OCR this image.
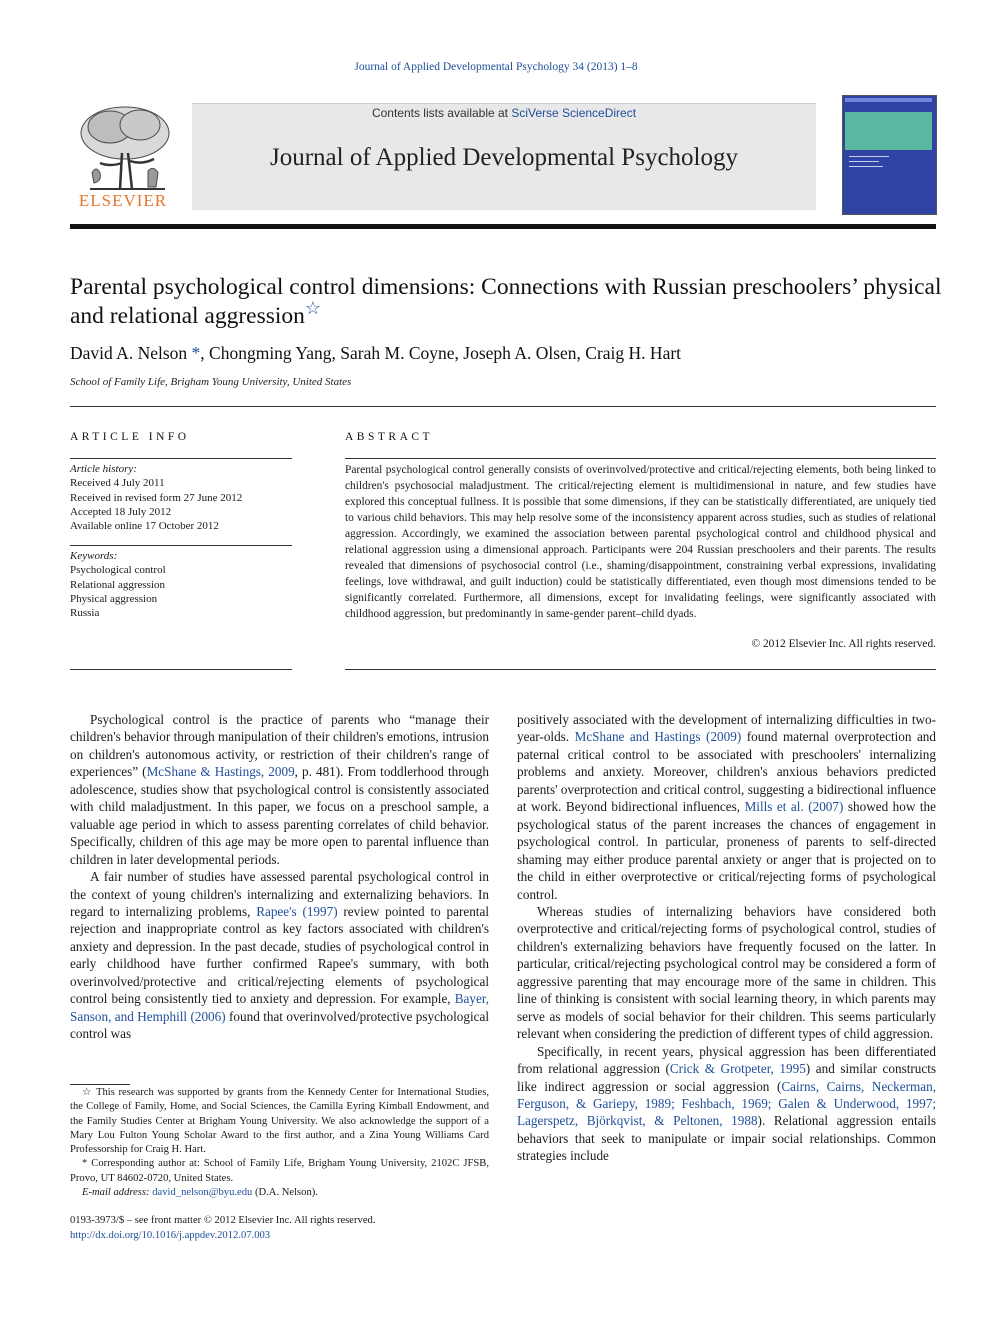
Journal of Applied Developmental Psychology 34 (2013) 1–8
ELSEVIER
Contents lists available at SciVerse ScienceDirect
Journal of Applied Developmental Psychology
Parental psychological control dimensions: Connections with Russian preschoolers’ physical and relational aggression☆
David A. Nelson *, Chongming Yang, Sarah M. Coyne, Joseph A. Olsen, Craig H. Hart
School of Family Life, Brigham Young University, United States
ARTICLE INFO	ABSTRACT
Article history:
Received 4 July 2011
Received in revised form 27 June 2012
Accepted 18 July 2012
Available online 17 October 2012
Keywords:
Psychological control
Relational aggression
Physical aggression
Russia
Parental psychological control generally consists of overinvolved/protective and critical/rejecting elements, both being linked to children's psychosocial maladjustment. The critical/rejecting element is multidimensional in nature, and few studies have explored this conceptual fullness. It is possible that some dimensions, if they can be statistically differentiated, are uniquely tied to various child behaviors. This may help resolve some of the inconsistency apparent across studies, such as studies of relational aggression. Accordingly, we examined the association between parental psychological control and childhood physical and relational aggression using a dimensional approach. Participants were 204 Russian preschoolers and their parents. The results revealed that dimensions of psychosocial control (i.e., shaming/disappointment, constraining verbal expressions, invalidating feelings, love withdrawal, and guilt induction) could be statistically differentiated, even though most dimensions tended to be significantly correlated. Furthermore, all dimensions, except for invalidating feelings, were significantly associated with childhood aggression, but predominantly in same-gender parent–child dyads.
© 2012 Elsevier Inc. All rights reserved.

Psychological control is the practice of parents who “manage their children's behavior through manipulation of their children's emotions, intrusion on children's autonomous activity, or restriction of their children's range of experiences” (McShane & Hastings, 2009, p. 481). From toddlerhood through adolescence, studies show that psychological control is consistently associated with child maladjustment. In this paper, we focus on a preschool sample, a valuable age period in which to assess parenting correlates of child behavior. Specifically, children of this age may be more open to parental influence than children in later developmental periods.

A fair number of studies have assessed parental psychological control in the context of young children's internalizing and externalizing behaviors. In regard to internalizing problems, Rapee's (1997) review pointed to parental rejection and inappropriate control as key factors associated with children's anxiety and depression. In the past decade, studies of psychological control in early childhood have further confirmed Rapee's summary, with both overinvolved/protective and critical/rejecting elements of psychological control being consistently tied to anxiety and depression. For example, Bayer, Sanson, and Hemphill (2006) found that overinvolved/protective psychological control was

positively associated with the development of internalizing difficulties in two-year-olds. McShane and Hastings (2009) found maternal overprotection and paternal critical control to be associated with preschoolers' internalizing problems and anxiety. Moreover, children's anxious behaviors predicted parents' overprotection and critical control, suggesting a bidirectional influence at work. Beyond bidirectional influences, Mills et al. (2007) showed how the psychological status of the parent increases the chances of engagement in psychological control. In particular, proneness of parents to self-directed shaming may either produce parental anxiety or anger that is projected on to the child in either overprotective or critical/rejecting forms of psychological control.

Whereas studies of internalizing behaviors have considered both overprotective and critical/rejecting forms of psychological control, studies of children's externalizing behaviors have frequently focused on the latter. In particular, critical/rejecting psychological control may be considered a form of aggressive parenting that may encourage more of the same in children. This line of thinking is consistent with social learning theory, in which parents may serve as models of social behavior for their children. This seems particularly relevant when considering the prediction of different types of child aggression.

Specifically, in recent years, physical aggression has been differentiated from relational aggression (Crick & Grotpeter, 1995) and similar constructs like indirect aggression or social aggression (Cairns, Cairns, Neckerman, Ferguson, & Gariepy, 1989; Feshbach, 1969; Galen & Underwood, 1997; Lagerspetz, Björkqvist, & Peltonen, 1988). Relational aggression entails behaviors that seek to manipulate or impair social relationships. Common strategies include

☆ This research was supported by grants from the Kennedy Center for International Studies, the College of Family, Home, and Social Sciences, the Camilla Eyring Kimball Endowment, and the Family Studies Center at Brigham Young University. We also acknowledge the support of a Mary Lou Fulton Young Scholar Award to the first author, and a Zina Young Williams Card Professorship for Craig H. Hart.

* Corresponding author at: School of Family Life, Brigham Young University, 2102C JFSB, Provo, UT 84602-0720, United States.

E-mail address: david_nelson@byu.edu (D.A. Nelson).

0193-3973/$ – see front matter © 2012 Elsevier Inc. All rights reserved.
http://dx.doi.org/10.1016/j.appdev.2012.07.003
